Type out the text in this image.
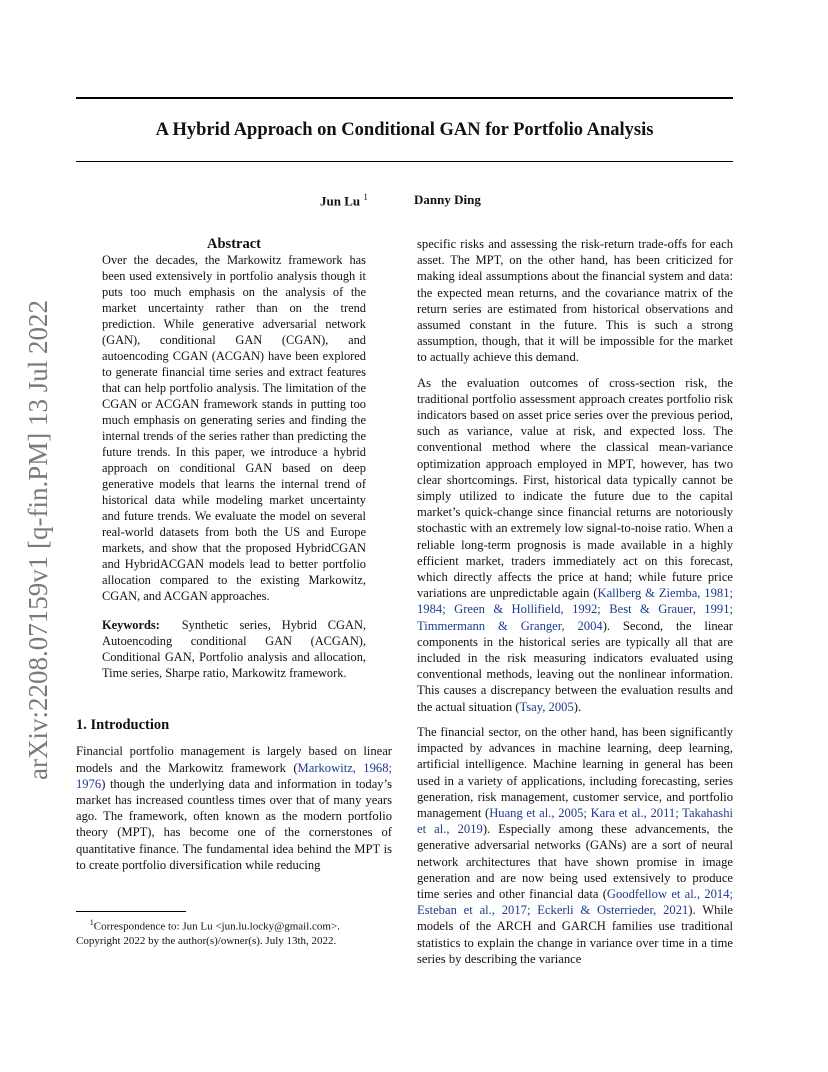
arXiv:2208.07159v1 [q-fin.PM] 13 Jul 2022
A Hybrid Approach on Conditional GAN for Portfolio Analysis
Jun Lu $^1$	Danny Ding

Abstract

Over the decades, the Markowitz framework has been used extensively in portfolio analysis though it puts too much emphasis on the analysis of the market uncertainty rather than on the trend prediction. While generative adversarial network (GAN), conditional GAN (CGAN), and autoencoding CGAN (ACGAN) have been explored to generate financial time series and extract features that can help portfolio analysis. The limitation of the CGAN or ACGAN framework stands in putting too much emphasis on generating series and finding the internal trends of the series rather than predicting the future trends. In this paper, we introduce a hybrid approach on conditional GAN based on deep generative models that learns the internal trend of historical data while modeling market uncertainty and future trends. We evaluate the model on several real-world datasets from both the US and Europe markets, and show that the proposed HybridCGAN and HybridACGAN models lead to better portfolio allocation compared to the existing Markowitz, CGAN, and ACGAN approaches.

Keywords: Synthetic series, Hybrid CGAN, Autoencoding conditional GAN (ACGAN), Conditional GAN, Portfolio analysis and allocation, Time series, Sharpe ratio, Markowitz framework.

1. Introduction

Financial portfolio management is largely based on linear models and the Markowitz framework (Markowitz, 1968; 1976) though the underlying data and information in today’s market has increased countless times over that of many years ago. The framework, often known as the modern portfolio theory (MPT), has become one of the cornerstones of quantitative finance. The fundamental idea behind the MPT is to create portfolio diversification while reducing

$^1$Correspondence to: Jun Lu <jun.lu.locky@gmail.com>.
Copyright 2022 by the author(s)/owner(s). July 13th, 2022.

specific risks and assessing the risk-return trade-offs for each asset. The MPT, on the other hand, has been criticized for making ideal assumptions about the financial system and data: the expected mean returns, and the covariance matrix of the return series are estimated from historical observations and assumed constant in the future. This is such a strong assumption, though, that it will be impossible for the market to actually achieve this demand.

As the evaluation outcomes of cross-section risk, the traditional portfolio assessment approach creates portfolio risk indicators based on asset price series over the previous period, such as variance, value at risk, and expected loss. The conventional method where the classical mean-variance optimization approach employed in MPT, however, has two clear shortcomings. First, historical data typically cannot be simply utilized to indicate the future due to the capital market’s quick-change since financial returns are notoriously stochastic with an extremely low signal-to-noise ratio. When a reliable long-term prognosis is made available in a highly efficient market, traders immediately act on this forecast, which directly affects the price at hand; while future price variations are unpredictable again (Kallberg & Ziemba, 1981; 1984; Green & Hollifield, 1992; Best & Grauer, 1991; Timmermann & Granger, 2004). Second, the linear components in the historical series are typically all that are included in the risk measuring indicators evaluated using conventional methods, leaving out the nonlinear information. This causes a discrepancy between the evaluation results and the actual situation (Tsay, 2005).

The financial sector, on the other hand, has been significantly impacted by advances in machine learning, deep learning, artificial intelligence. Machine learning in general has been used in a variety of applications, including forecasting, series generation, risk management, customer service, and portfolio management (Huang et al., 2005; Kara et al., 2011; Takahashi et al., 2019). Especially among these advancements, the generative adversarial networks (GANs) are a sort of neural network architectures that have shown promise in image generation and are now being used extensively to produce time series and other financial data (Goodfellow et al., 2014; Esteban et al., 2017; Eckerli & Osterrieder, 2021). While models of the ARCH and GARCH families use traditional statistics to explain the change in variance over time in a time series by describing the variance
